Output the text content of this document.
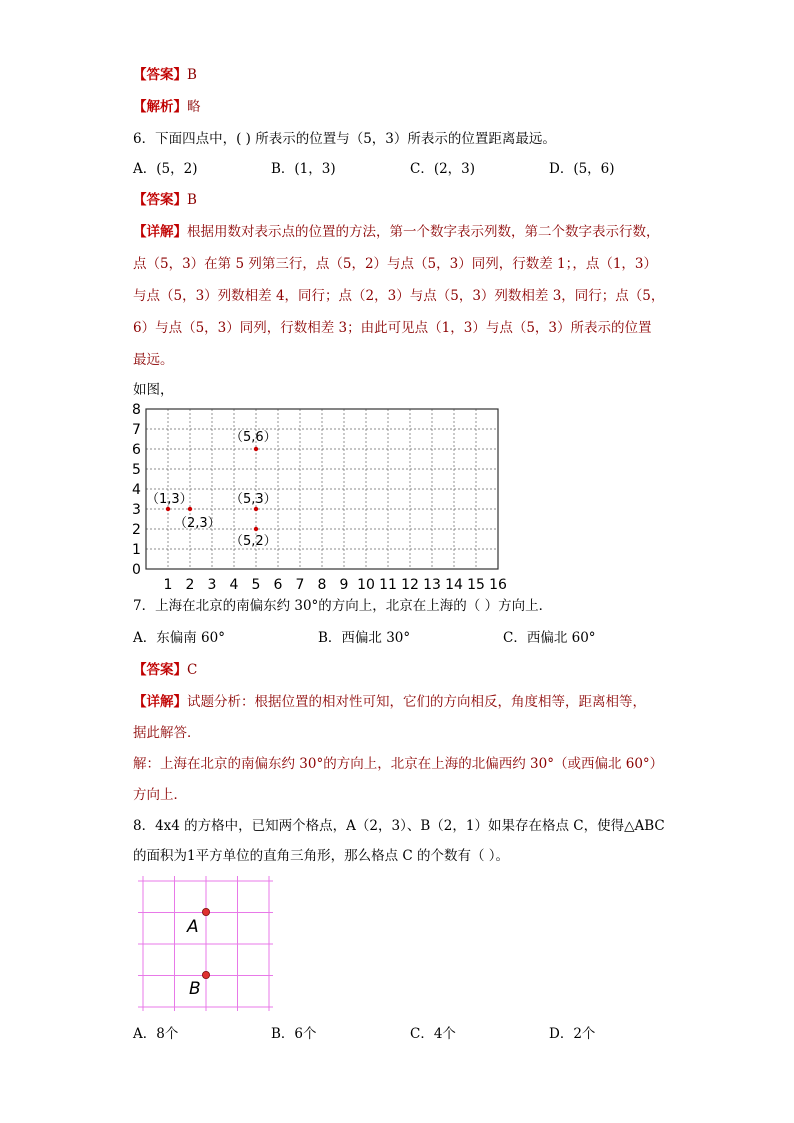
【答案】B
【解析】略
6．下面四点中，( ) 所表示的位置与（5，3）所表示的位置距离最远。
A．(5，2)	B．(1，3)	C．(2，3)	D．(5，6)
【答案】B
【详解】根据用数对表示点的位置的方法，第一个数字表示列数，第二个数字表示行数，
点（5，3）在第 5 列第三行，点（5，2）与点（5，3）同列，行数差 1；，点（1，3）
与点（5，3）列数相差 4，同行；点（2，3）与点（5，3）列数相差 3，同行；点（5，
6）与点（5，3）同列，行数相差 3；由此可见点（1，3）与点（5，3）所表示的位置
最远。
如图，
0
1
2
3
4
5
6
7
8
1 2 3 4 5 6 7 8 9 10 11 12 13 14 15 16
（1,3）
（2,3）
（5,3）
（5,2）
（5,6）
7．上海在北京的南偏东约 30°的方向上，北京在上海的（ ）方向上．
A．东偏南 60°	B．西偏北 30°	C．西偏北 60°
【答案】C
【详解】试题分析：根据位置的相对性可知，它们的方向相反，角度相等，距离相等，
据此解答．
解：上海在北京的南偏东约 30°的方向上，北京在上海的北偏西约 30°（或西偏北 60°）
方向上．
8．4x4 的方格中，已知两个格点，A（2，3）、B（2，1）如果存在格点 C，使得△ABC
的面积为1平方单位的直角三角形，那么格点 C 的个数有（ ）。
A
B
A．8个	B．6个	C．4个	D．2个
